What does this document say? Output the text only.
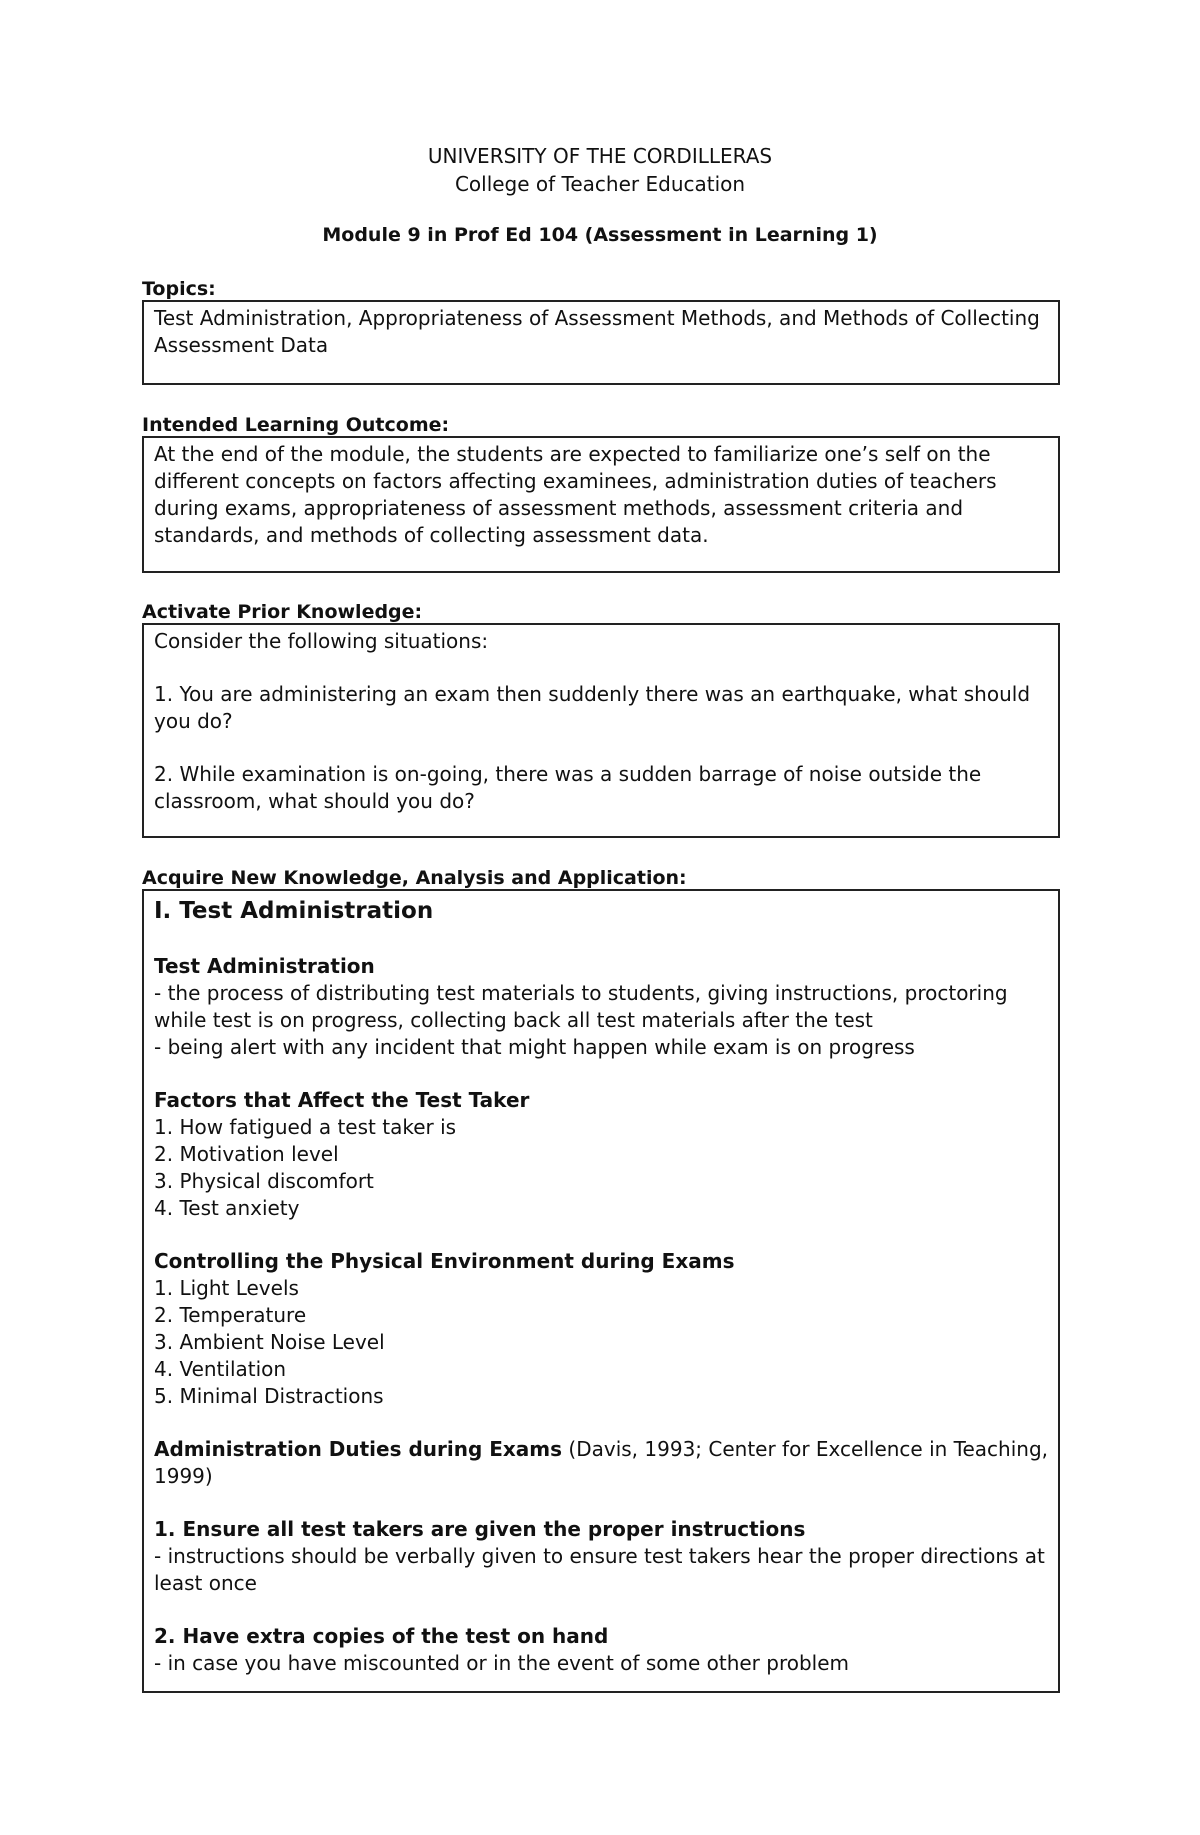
UNIVERSITY OF THE CORDILLERAS
College of Teacher Education
Module 9 in Prof Ed 104 (Assessment in Learning 1)
Topics:

Test Administration, Appropriateness of Assessment Methods, and Methods of Collecting Assessment Data

Intended Learning Outcome:

At the end of the module, the students are expected to familiarize one’s self on the different concepts on factors affecting examinees, administration duties of teachers during exams, appropriateness of assessment methods, assessment criteria and standards, and methods of collecting assessment data.

Activate Prior Knowledge:

Consider the following situations:

1. You are administering an exam then suddenly there was an earthquake, what should you do?

2. While examination is on-going, there was a sudden barrage of noise outside the classroom, what should you do?

Acquire New Knowledge, Analysis and Application:

I. Test Administration

Test Administration

- the process of distributing test materials to students, giving instructions, proctoring while test is on progress, collecting back all test materials after the test

- being alert with any incident that might happen while exam is on progress

Factors that Affect the Test Taker

1. How fatigued a test taker is

2. Motivation level

3. Physical discomfort

4. Test anxiety

Controlling the Physical Environment during Exams

1. Light Levels

2. Temperature

3. Ambient Noise Level

4. Ventilation

5. Minimal Distractions

Administration Duties during Exams (Davis, 1993; Center for Excellence in Teaching, 1999)

1. Ensure all test takers are given the proper instructions

- instructions should be verbally given to ensure test takers hear the proper directions at least once

2. Have extra copies of the test on hand

- in case you have miscounted or in the event of some other problem
